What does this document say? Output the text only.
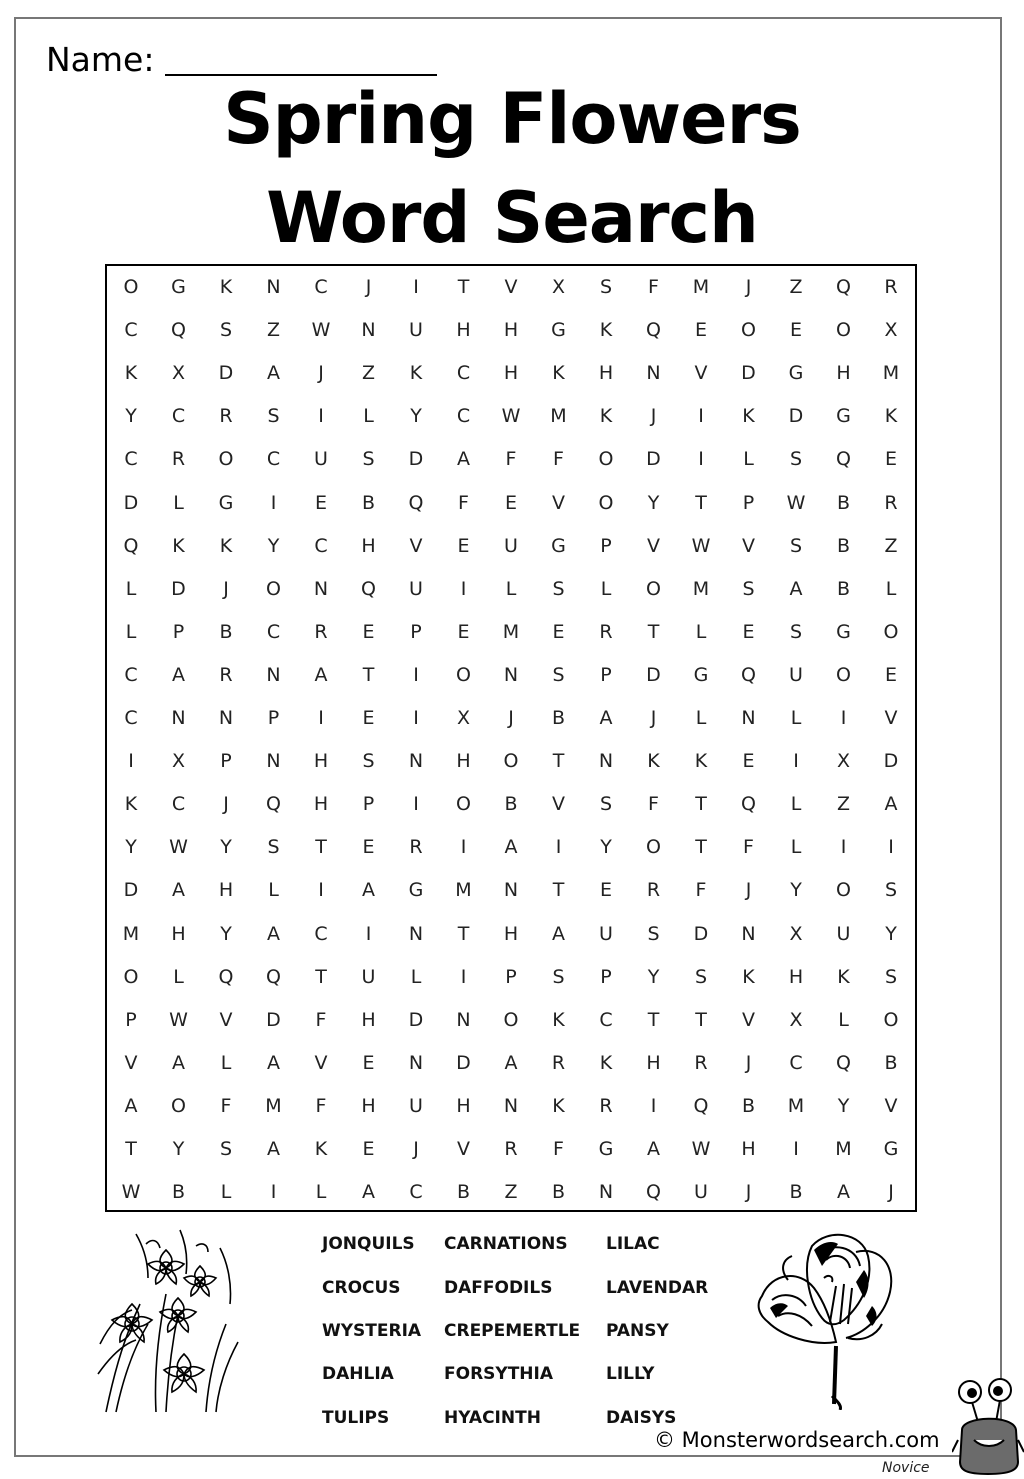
Name:
Spring Flowers
Word Search
O	G	K	N	C	J	I	T	V	X	S	F	M	J	Z	Q	R
C	Q	S	Z	W	N	U	H	H	G	K	Q	E	O	E	O	X
K	X	D	A	J	Z	K	C	H	K	H	N	V	D	G	H	M
Y	C	R	S	I	L	Y	C	W	M	K	J	I	K	D	G	K
C	R	O	C	U	S	D	A	F	F	O	D	I	L	S	Q	E
D	L	G	I	E	B	Q	F	E	V	O	Y	T	P	W	B	R
Q	K	K	Y	C	H	V	E	U	G	P	V	W	V	S	B	Z
L	D	J	O	N	Q	U	I	L	S	L	O	M	S	A	B	L
L	P	B	C	R	E	P	E	M	E	R	T	L	E	S	G	O
C	A	R	N	A	T	I	O	N	S	P	D	G	Q	U	O	E
C	N	N	P	I	E	I	X	J	B	A	J	L	N	L	I	V
I	X	P	N	H	S	N	H	O	T	N	K	K	E	I	X	D
K	C	J	Q	H	P	I	O	B	V	S	F	T	Q	L	Z	A
Y	W	Y	S	T	E	R	I	A	I	Y	O	T	F	L	I	I
D	A	H	L	I	A	G	M	N	T	E	R	F	J	Y	O	S
M	H	Y	A	C	I	N	T	H	A	U	S	D	N	X	U	Y
O	L	Q	Q	T	U	L	I	P	S	P	Y	S	K	H	K	S
P	W	V	D	F	H	D	N	O	K	C	T	T	V	X	L	O
V	A	L	A	V	E	N	D	A	R	K	H	R	J	C	Q	B
A	O	F	M	F	H	U	H	N	K	R	I	Q	B	M	Y	V
T	Y	S	A	K	E	J	V	R	F	G	A	W	H	I	M	G
W	B	L	I	L	A	C	B	Z	B	N	Q	U	J	B	A	J
JONQUILS CARNATIONS LILAC
CROCUS	DAFFODILS	LAVENDAR
WYSTERIA CREPEMERTLE PANSY
DAHLIA	FORSYTHIA	LILLY
TULIPS	HYACINTH	DAISYS
© Monsterwordsearch.com
Novice
